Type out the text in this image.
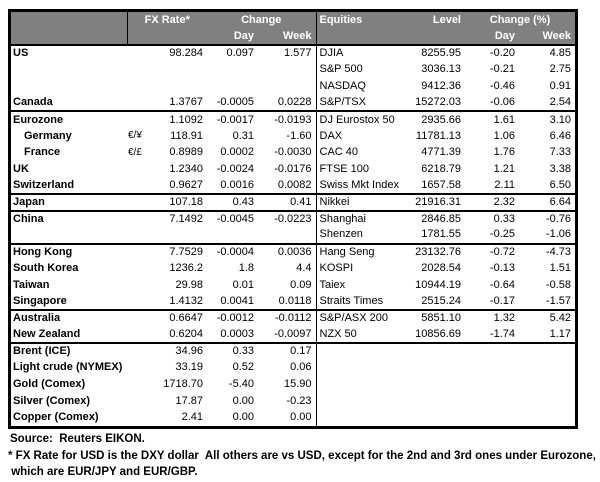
	FX Rate*		Change		Equities	Level	Change (%)	
			Day	Week			Day	Week
US		98.284	0.097	1.577	DJIA	8255.95	-0.20	4.85
					S&P 500	3036.13	-0.21	2.75
					NASDAQ	9412.36	-0.46	0.91
Canada		1.3767	-0.0005	0.0228	S&P/TSX	15272.03	-0.06	2.54
Eurozone		1.1092	-0.0017	-0.0193	DJ Eurostox 50	2935.66	1.61	3.10
Germany	€/¥	118.91	0.31	-1.60	DAX	11781.13	1.06	6.46
France	€/£	0.8989	0.0002	-0.0030	CAC 40	4771.39	1.76	7.33
UK		1.2340	-0.0024	-0.0176	FTSE 100	6218.79	1.21	3.38
Switzerland		0.9627	0.0016	0.0082	Swiss Mkt Index	1657.58	2.11	6.50
Japan		107.18	0.43	0.41	Nikkei	21916.31	2.32	6.64
China		7.1492	-0.0045	-0.0223	Shanghai	2846.85	0.33	-0.76
					Shenzen	1781.55	-0.25	-1.06
Hong Kong		7.7529	-0.0004	0.0036	Hang Seng	23132.76	-0.72	-4.73
South Korea		1236.2	1.8	4.4	KOSPI	2028.54	-0.13	1.51
Taiwan		29.98	0.01	0.09	Taiex	10944.19	-0.64	-0.58
Singapore		1.4132	0.0041	0.0118	Straits Times	2515.24	-0.17	-1.57
Australia		0.6647	-0.0012	-0.0112	S&P/ASX 200	5851.10	1.32	5.42
New Zealand		0.6204	0.0003	-0.0097	NZX 50	10856.69	-1.74	1.17
Brent (ICE)		34.96	0.33	0.17				
Light crude (NYMEX)		33.19	0.52	0.06				
Gold (Comex)		1718.70	-5.40	15.90				
Silver (Comex)		17.87	0.00	-0.23				
Copper (Comex)		2.41	0.00	0.00				
Source:  Reuters EIKON.
* FX Rate for USD is the DXY dollar  All others are vs USD, except for the 2nd and 3rd ones under Eurozone,
which are EUR/JPY and EUR/GBP.
